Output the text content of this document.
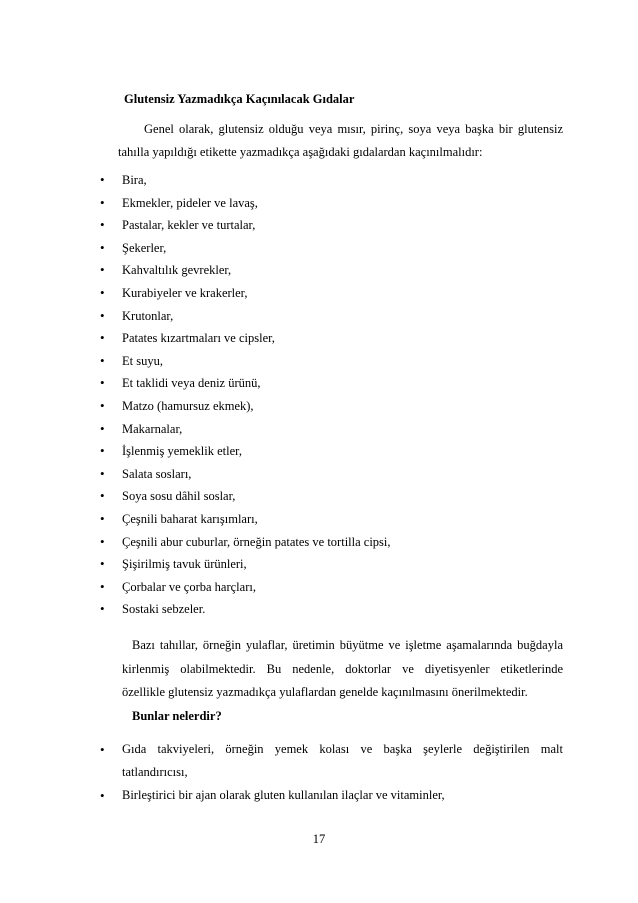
Glutensiz Yazmadıkça Kaçınılacak Gıdalar
Genel olarak, glutensiz olduğu veya mısır, pirinç, soya veya başka bir glutensiz
tahılla yapıldığı etikette yazmadıkça aşağıdaki gıdalardan kaçınılmalıdır:
• Bira,
• Ekmekler, pideler ve lavaş,
• Pastalar, kekler ve turtalar,
• Şekerler,
• Kahvaltılık gevrekler,
• Kurabiyeler ve krakerler,
• Krutonlar,
• Patates kızartmaları ve cipsler,
• Et suyu,
• Et taklidi veya deniz ürünü,
• Matzo (hamursuz ekmek),
• Makarnalar,
• İşlenmiş yemeklik etler,
• Salata sosları,
• Soya sosu dâhil soslar,
• Çeşnili baharat karışımları,
• Çeşnili abur cuburlar, örneğin patates ve tortilla cipsi,
• Şişirilmiş tavuk ürünleri,
• Çorbalar ve çorba harçları,
• Sostaki sebzeler.
Bazı tahıllar, örneğin yulaflar, üretimin büyütme ve işletme aşamalarında buğdayla
kirlenmiş olabilmektedir. Bu nedenle, doktorlar ve diyetisyenler etiketlerinde
özellikle glutensiz yazmadıkça yulaflardan genelde kaçınılmasını önerilmektedir.
Bunlar nelerdir?
• Gıda takviyeleri, örneğin yemek kolası ve başka şeylerle değiştirilen malt
tatlandırıcısı,
• Birleştirici bir ajan olarak gluten kullanılan ilaçlar ve vitaminler,
17
